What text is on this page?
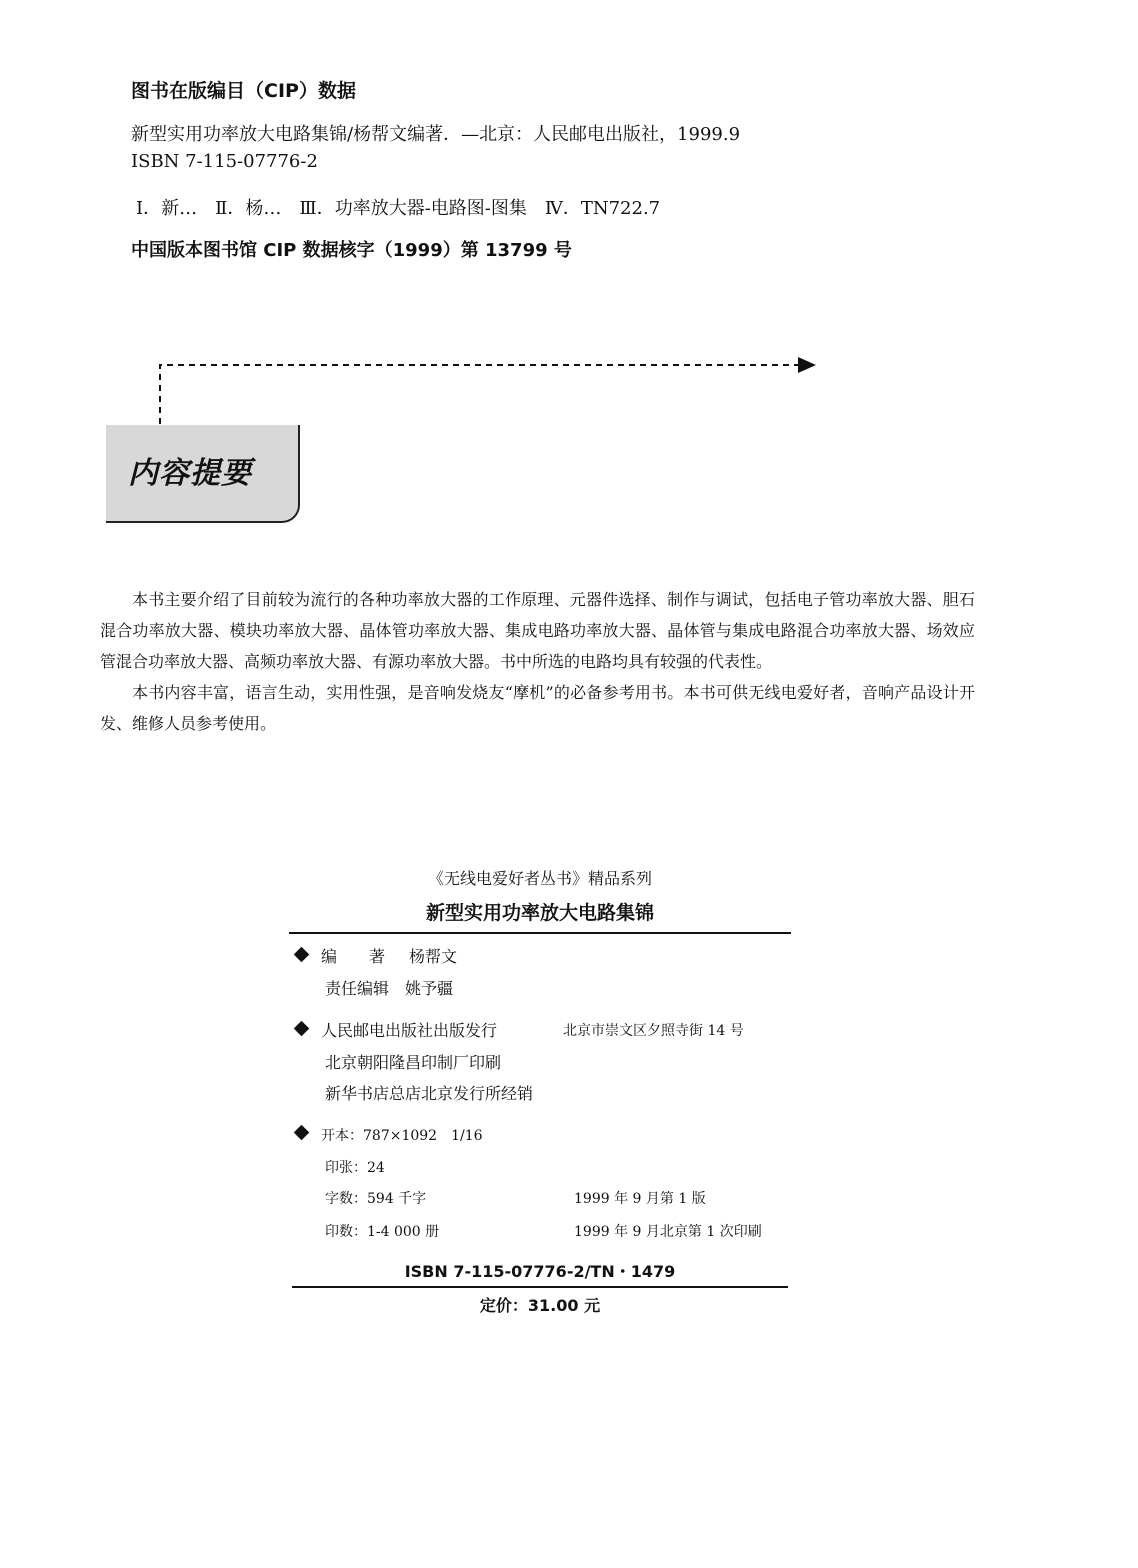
图书在版编目（CIP）数据
新型实用功率放大电路集锦/杨帮文编著．—北京：人民邮电出版社，1999.9
ISBN 7-115-07776-2
Ⅰ．新…　Ⅱ．杨…　Ⅲ．功率放大器-电路图-图集　Ⅳ．TN722.7
中国版本图书馆 CIP 数据核字（1999）第 13799 号
内容提要

本书主要介绍了目前较为流行的各种功率放大器的工作原理、元器件选择、制作与调试，包括电子管功率放大器、胆石混合功率放大器、模块功率放大器、晶体管功率放大器、集成电路功率放大器、晶体管与集成电路混合功率放大器、场效应管混合功率放大器、高频功率放大器、有源功率放大器。书中所选的电路均具有较强的代表性。

本书内容丰富，语言生动，实用性强，是音响发烧友“摩机”的必备参考用书。本书可供无线电爱好者，音响产品设计开发、维修人员参考使用。

《无线电爱好者丛书》精品系列
新型实用功率放大电路集锦
编　　著 杨帮文
责任编辑 姚予疆
人民邮电出版社出版发行	北京市崇文区夕照寺街 14 号
北京朝阳隆昌印制厂印刷
新华书店总店北京发行所经销
开本：787×1092　1/16
印张：24
字数：594 千字	1999 年 9 月第 1 版
印数：1-4 000 册	1999 年 9 月北京第 1 次印刷
ISBN 7-115-07776-2/TN・1479
定价：31.00 元
